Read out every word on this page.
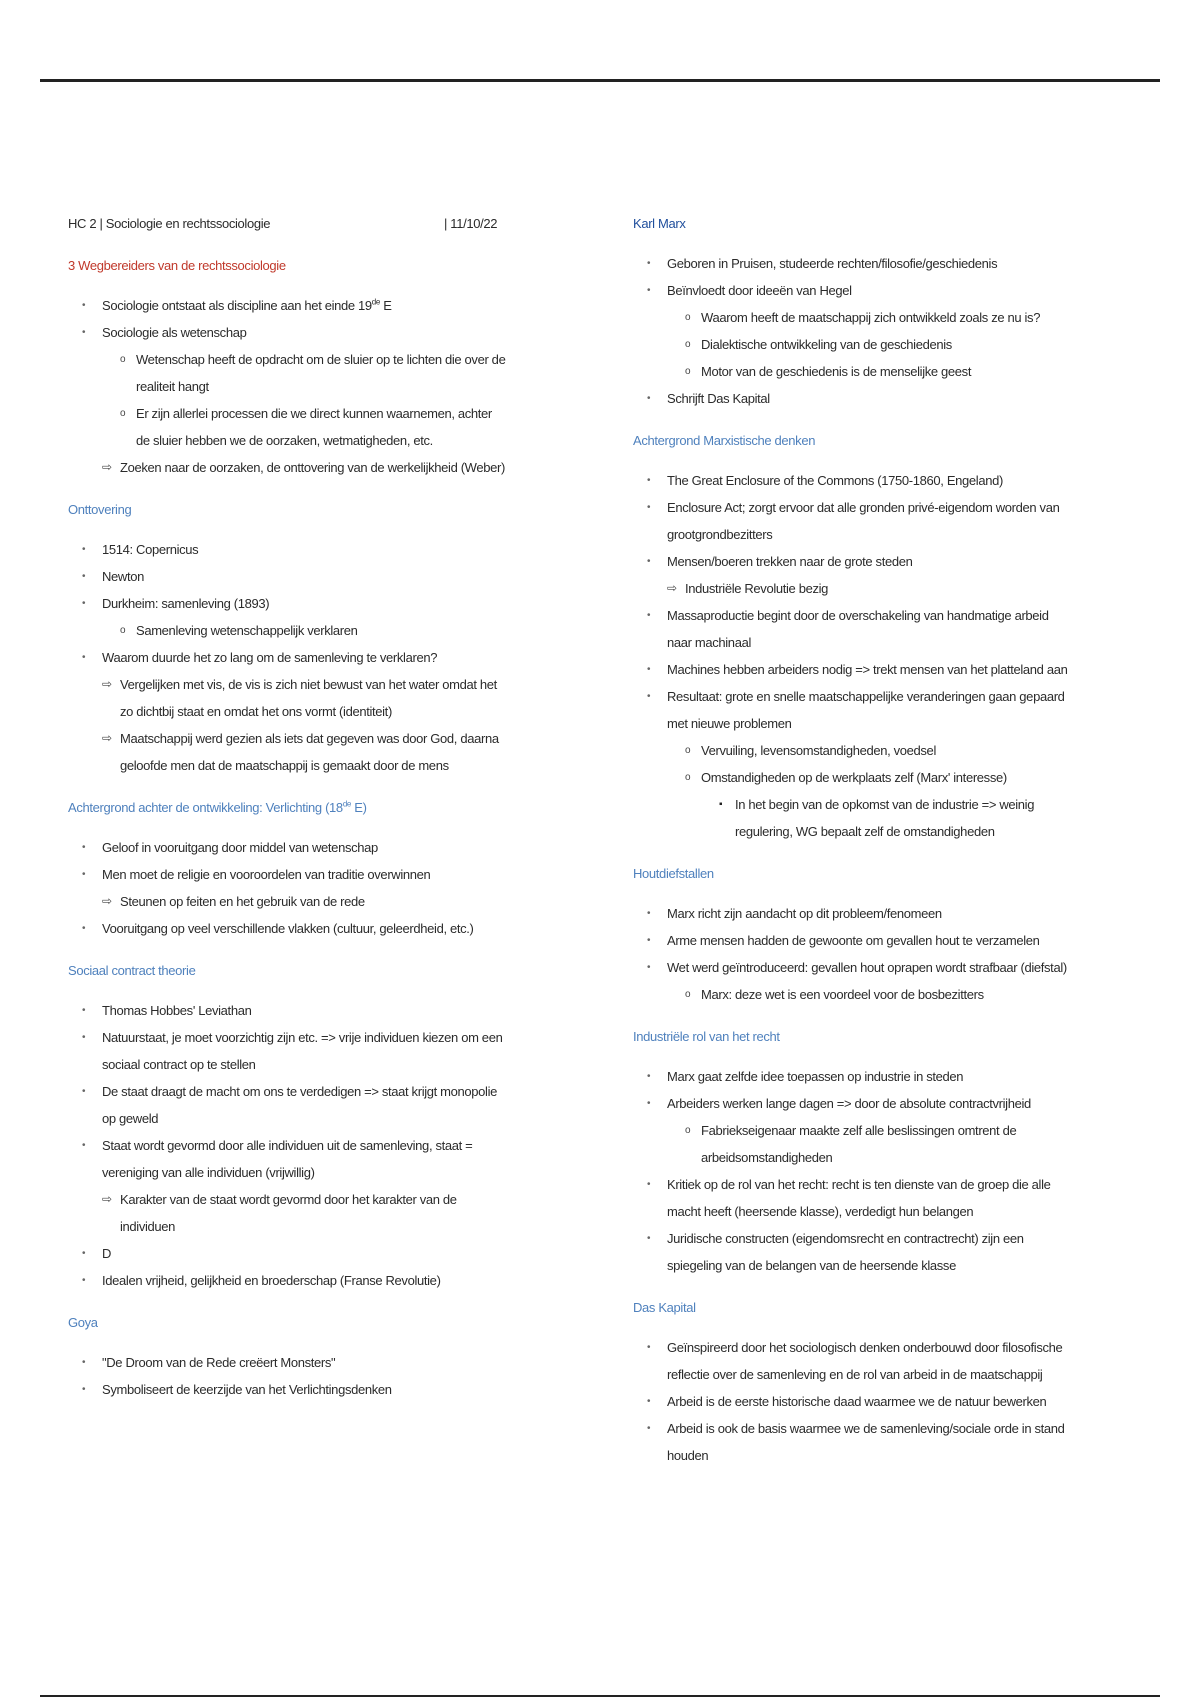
HC 2 | Sociologie en rechtssociologie	| 11/10/22
3 Wegbereiders van de rechtssociologie
• Sociologie ontstaat als discipline aan het einde 19de E
• Sociologie als wetenschap
o Wetenschap heeft de opdracht om de sluier op te lichten die over de realiteit hangt
o Er zijn allerlei processen die we direct kunnen waarnemen, achter de sluier hebben we de oorzaken, wetmatigheden, etc.
⇨ Zoeken naar de oorzaken, de onttovering van de werkelijkheid (Weber)
Onttovering
• 1514: Copernicus
• Newton
• Durkheim: samenleving (1893)
o Samenleving wetenschappelijk verklaren
• Waarom duurde het zo lang om de samenleving te verklaren?
⇨ Vergelijken met vis, de vis is zich niet bewust van het water omdat het zo dichtbij staat en omdat het ons vormt (identiteit)
⇨ Maatschappij werd gezien als iets dat gegeven was door God, daarna geloofde men dat de maatschappij is gemaakt door de mens
Achtergrond achter de ontwikkeling: Verlichting (18de E)
• Geloof in vooruitgang door middel van wetenschap
• Men moet de religie en vooroordelen van traditie overwinnen
⇨ Steunen op feiten en het gebruik van de rede
• Vooruitgang op veel verschillende vlakken (cultuur, geleerdheid, etc.)
Sociaal contract theorie
• Thomas Hobbes' Leviathan
• Natuurstaat, je moet voorzichtig zijn etc. => vrije individuen kiezen om een sociaal contract op te stellen
• De staat draagt de macht om ons te verdedigen => staat krijgt monopolie op geweld
• Staat wordt gevormd door alle individuen uit de samenleving, staat = vereniging van alle individuen (vrijwillig)
⇨ Karakter van de staat wordt gevormd door het karakter van de individuen
• D
• Idealen vrijheid, gelijkheid en broederschap (Franse Revolutie)
Goya
• "De Droom van de Rede creëert Monsters"
• Symboliseert de keerzijde van het Verlichtingsdenken
Karl Marx
• Geboren in Pruisen, studeerde rechten/filosofie/geschiedenis
• Beïnvloedt door ideeën van Hegel
o Waarom heeft de maatschappij zich ontwikkeld zoals ze nu is?
o Dialektische ontwikkeling van de geschiedenis
o Motor van de geschiedenis is de menselijke geest
• Schrijft Das Kapital
Achtergrond Marxistische denken
• The Great Enclosure of the Commons (1750-1860, Engeland)
• Enclosure Act; zorgt ervoor dat alle gronden privé-eigendom worden van grootgrondbezitters
• Mensen/boeren trekken naar de grote steden
⇨ Industriële Revolutie bezig
• Massaproductie begint door de overschakeling van handmatige arbeid naar machinaal
• Machines hebben arbeiders nodig => trekt mensen van het platteland aan
• Resultaat: grote en snelle maatschappelijke veranderingen gaan gepaard met nieuwe problemen
o Vervuiling, levensomstandigheden, voedsel
o Omstandigheden op de werkplaats zelf (Marx' interesse)
▪ In het begin van de opkomst van de industrie => weinig regulering, WG bepaalt zelf de omstandigheden
Houtdiefstallen
• Marx richt zijn aandacht op dit probleem/fenomeen
• Arme mensen hadden de gewoonte om gevallen hout te verzamelen
• Wet werd geïntroduceerd: gevallen hout oprapen wordt strafbaar (diefstal)
o Marx: deze wet is een voordeel voor de bosbezitters
Industriële rol van het recht
• Marx gaat zelfde idee toepassen op industrie in steden
• Arbeiders werken lange dagen => door de absolute contractvrijheid
o Fabriekseigenaar maakte zelf alle beslissingen omtrent de arbeidsomstandigheden
• Kritiek op de rol van het recht: recht is ten dienste van de groep die alle macht heeft (heersende klasse), verdedigt hun belangen
• Juridische constructen (eigendomsrecht en contractrecht) zijn een spiegeling van de belangen van de heersende klasse
Das Kapital
• Geïnspireerd door het sociologisch denken onderbouwd door filosofische reflectie over de samenleving en de rol van arbeid in de maatschappij
• Arbeid is de eerste historische daad waarmee we de natuur bewerken
• Arbeid is ook de basis waarmee we de samenleving/sociale orde in stand houden
